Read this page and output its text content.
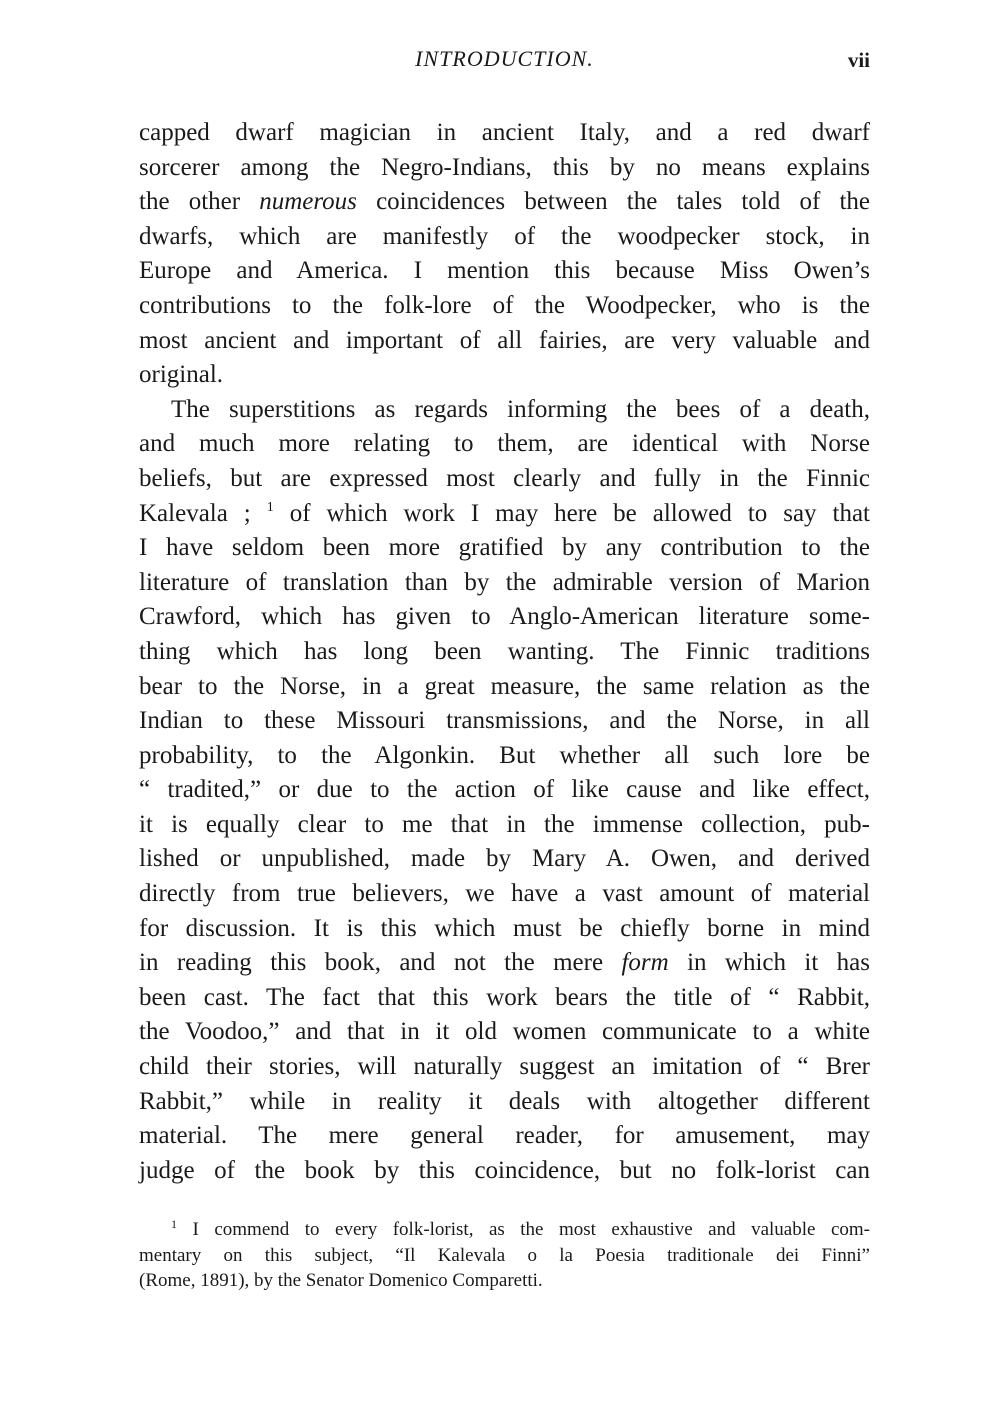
INTRODUCTION.	vii
capped dwarf magician in ancient Italy, and a red dwarf
sorcerer among the Negro-Indians, this by no means explains
the other numerous coincidences between the tales told of the
dwarfs, which are manifestly of the woodpecker stock, in
Europe and America. I mention this because Miss Owen’s
contributions to the folk-lore of the Woodpecker, who is the
most ancient and important of all fairies, are very valuable and
original.
The superstitions as regards informing the bees of a death,
and much more relating to them, are identical with Norse
beliefs, but are expressed most clearly and fully in the Finnic
Kalevala ; $^1$ of which work I may here be allowed to say that
I have seldom been more gratified by any contribution to the
literature of translation than by the admirable version of Marion
Crawford, which has given to Anglo-American literature some-
thing which has long been wanting. The Finnic traditions
bear to the Norse, in a great measure, the same relation as the
Indian to these Missouri transmissions, and the Norse, in all
probability, to the Algonkin. But whether all such lore be
“ tradited,” or due to the action of like cause and like effect,
it is equally clear to me that in the immense collection, pub-
lished or unpublished, made by Mary A. Owen, and derived
directly from true believers, we have a vast amount of material
for discussion. It is this which must be chiefly borne in mind
in reading this book, and not the mere form in which it has
been cast. The fact that this work bears the title of “ Rabbit,
the Voodoo,” and that in it old women communicate to a white
child their stories, will naturally suggest an imitation of “ Brer
Rabbit,” while in reality it deals with altogether different
material. The mere general reader, for amusement, may
judge of the book by this coincidence, but no folk-lorist can
$^1$ I commend to every folk-lorist, as the most exhaustive and valuable com-
mentary on this subject, “Il Kalevala o la Poesia traditionale dei Finni”
(Rome, 1891), by the Senator Domenico Comparetti.
